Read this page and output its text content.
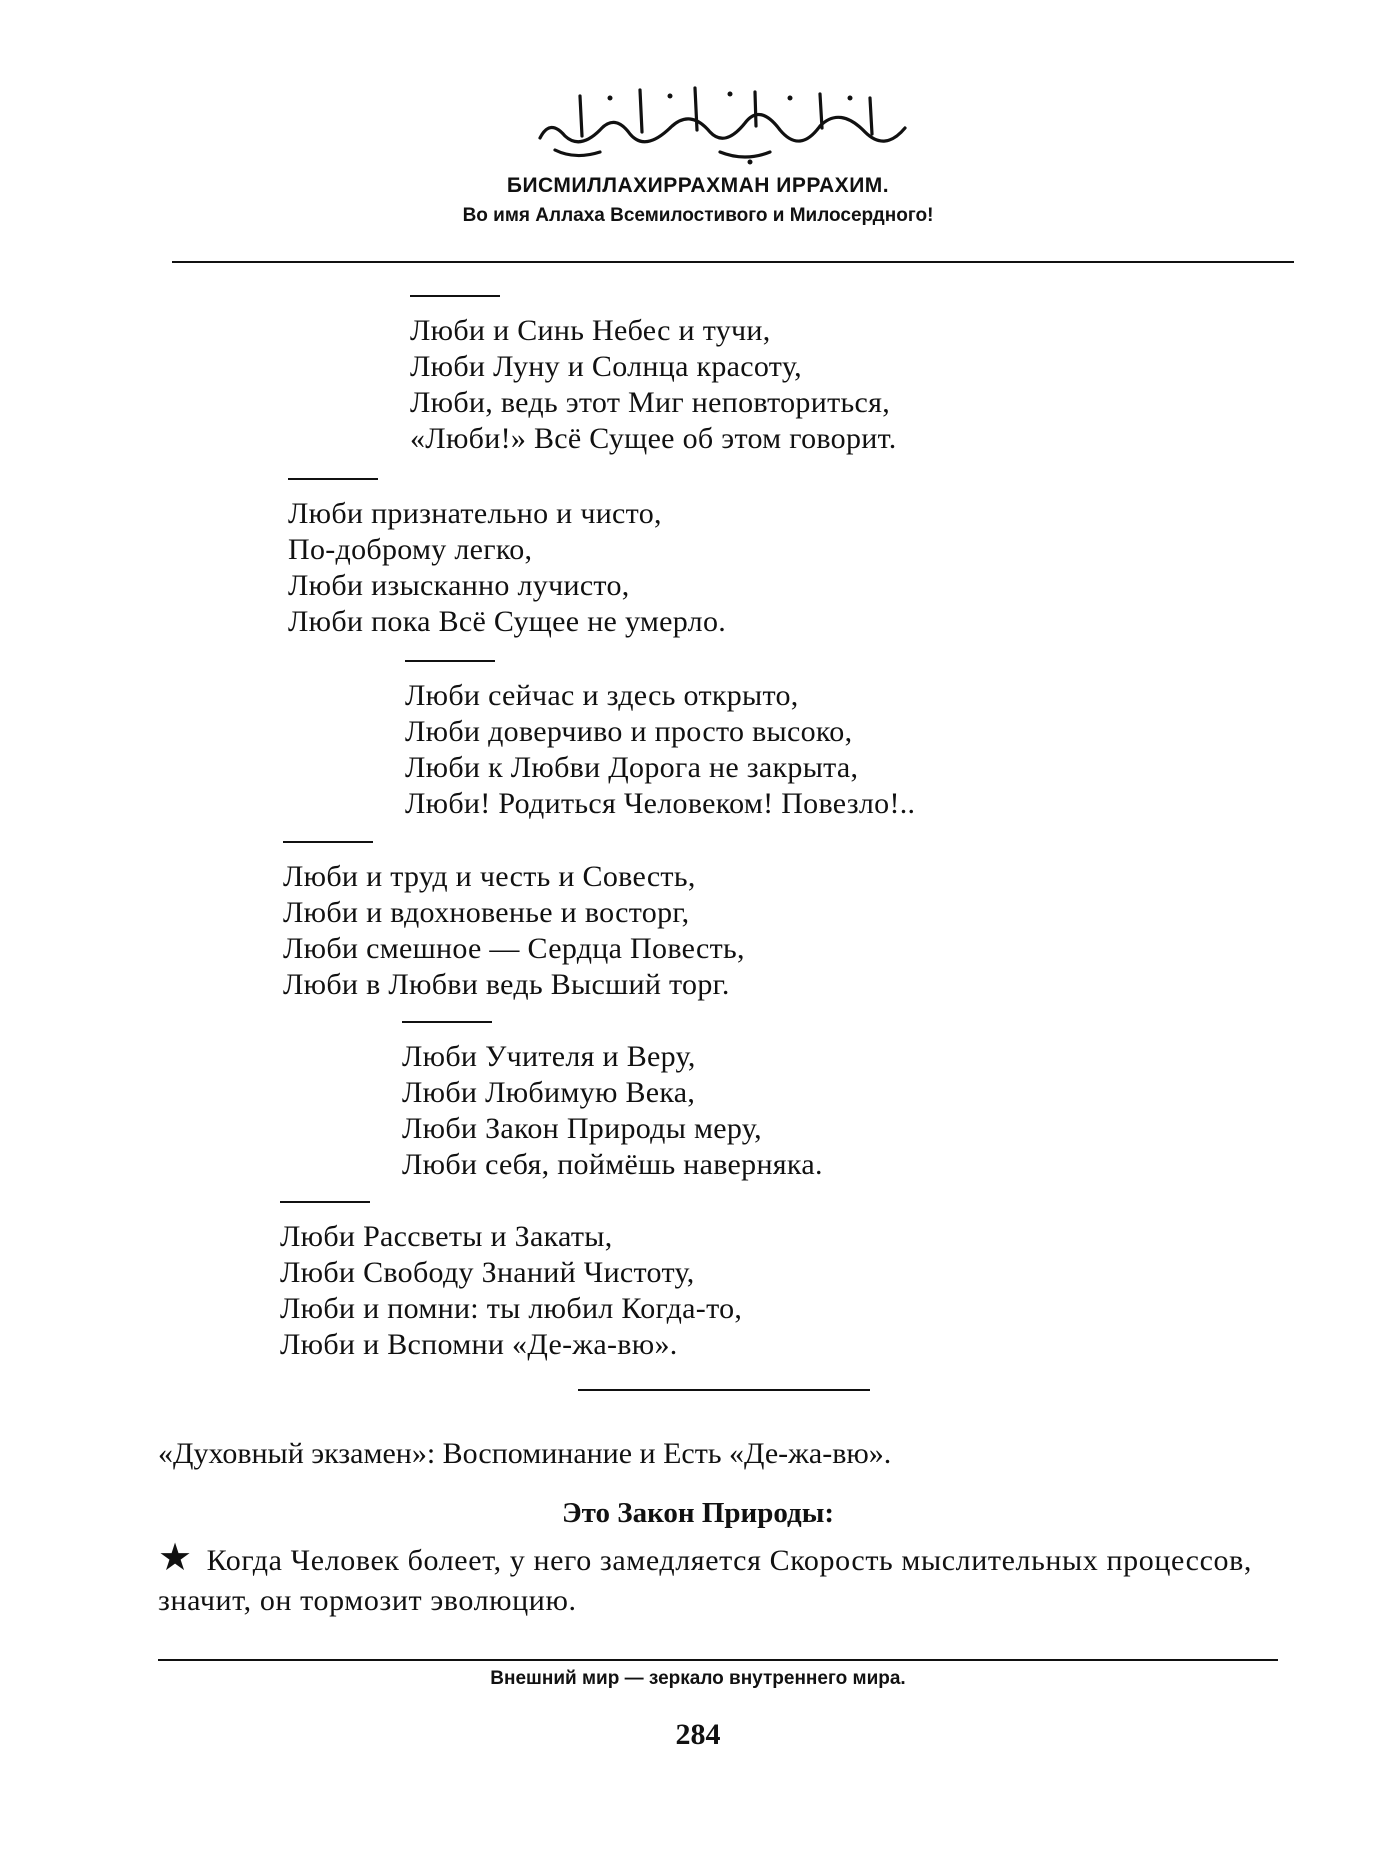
БИСМИЛЛАХИРРАХМАН ИРРАХИМ.
Во имя Аллаха Всемилостивого и Милосердного!
Люби и Синь Небес и тучи,
Люби Луну и Солнца красоту,
Люби, ведь этот Миг неповториться,
«Люби!» Всё Сущее об этом говорит.
Люби признательно и чисто,
По-доброму легко,
Люби изысканно лучисто,
Люби пока Всё Сущее не умерло.
Люби сейчас и здесь открыто,
Люби доверчиво и просто высоко,
Люби к Любви Дорога не закрыта,
Люби! Родиться Человеком! Повезло!..
Люби и труд и честь и Совесть,
Люби и вдохновенье и восторг,
Люби смешное — Сердца Повесть,
Люби в Любви ведь Высший торг.
Люби Учителя и Веру,
Люби Любимую Века,
Люби Закон Природы меру,
Люби себя, поймёшь наверняка.
Люби Рассветы и Закаты,
Люби Свободу Знаний Чистоту,
Люби и помни: ты любил Когда-то,
Люби и Вспомни «Де-жа-вю».
«Духовный экзамен»: Воспоминание и Есть «Де-жа-вю».
Это Закон Природы:
★ Когда Человек болеет, у него замедляется Скорость мыслительных процессов, значит, он тормозит эволюцию.
Внешний мир — зеркало внутреннего мира.
284
